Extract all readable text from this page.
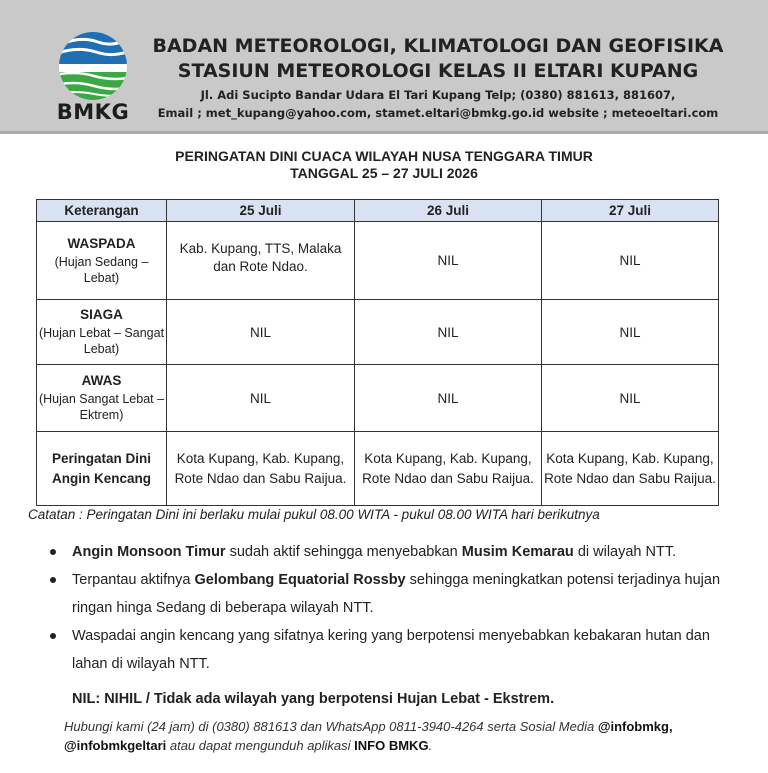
BMKG
BADAN METEOROLOGI, KLIMATOLOGI DAN GEOFISIKA
STASIUN METEOROLOGI KELAS II ELTARI KUPANG
Jl. Adi Sucipto Bandar Udara El Tari Kupang Telp; (0380) 881613, 881607,
Email ; met_kupang@yahoo.com, stamet.eltari@bmkg.go.id website ; meteoeltari.com
PERINGATAN DINI CUACA WILAYAH NUSA TENGGARA TIMUR
TANGGAL 25 – 27 JULI 2026
Keterangan	25 Juli	26 Juli	27 Juli

WASPADA
(Hujan Sedang – Lebat)	Kab. Kupang, TTS, Malaka dan Rote Ndao.	NIL	NIL

SIAGA
(Hujan Lebat – Sangat Lebat)	NIL	NIL	NIL

AWAS
(Hujan Sangat Lebat – Ektrem)	NIL	NIL	NIL
Peringatan Dini Angin Kencang	Kota Kupang, Kab. Kupang, Rote Ndao dan Sabu Raijua.	Kota Kupang, Kab. Kupang, Rote Ndao dan Sabu Raijua.	Kota Kupang, Kab. Kupang, Rote Ndao dan Sabu Raijua.
Catatan : Peringatan Dini ini berlaku mulai pukul 08.00 WITA - pukul 08.00 WITA hari berikutnya
Angin Monsoon Timur sudah aktif sehingga menyebabkan Musim Kemarau di wilayah NTT.
Terpantau aktifnya Gelombang Equatorial Rossby sehingga meningkatkan potensi terjadinya hujan ringan hinga Sedang di beberapa wilayah NTT.
Waspadai angin kencang yang sifatnya kering yang berpotensi menyebabkan kebakaran hutan dan lahan di wilayah NTT.
NIL: NIHIL / Tidak ada wilayah yang berpotensi Hujan Lebat - Ekstrem.
Hubungi kami (24 jam) di (0380) 881613 dan WhatsApp 0811-3940-4264 serta Sosial Media @infobmkg,
@infobmkgeltari atau dapat mengunduh aplikasi INFO BMKG.
